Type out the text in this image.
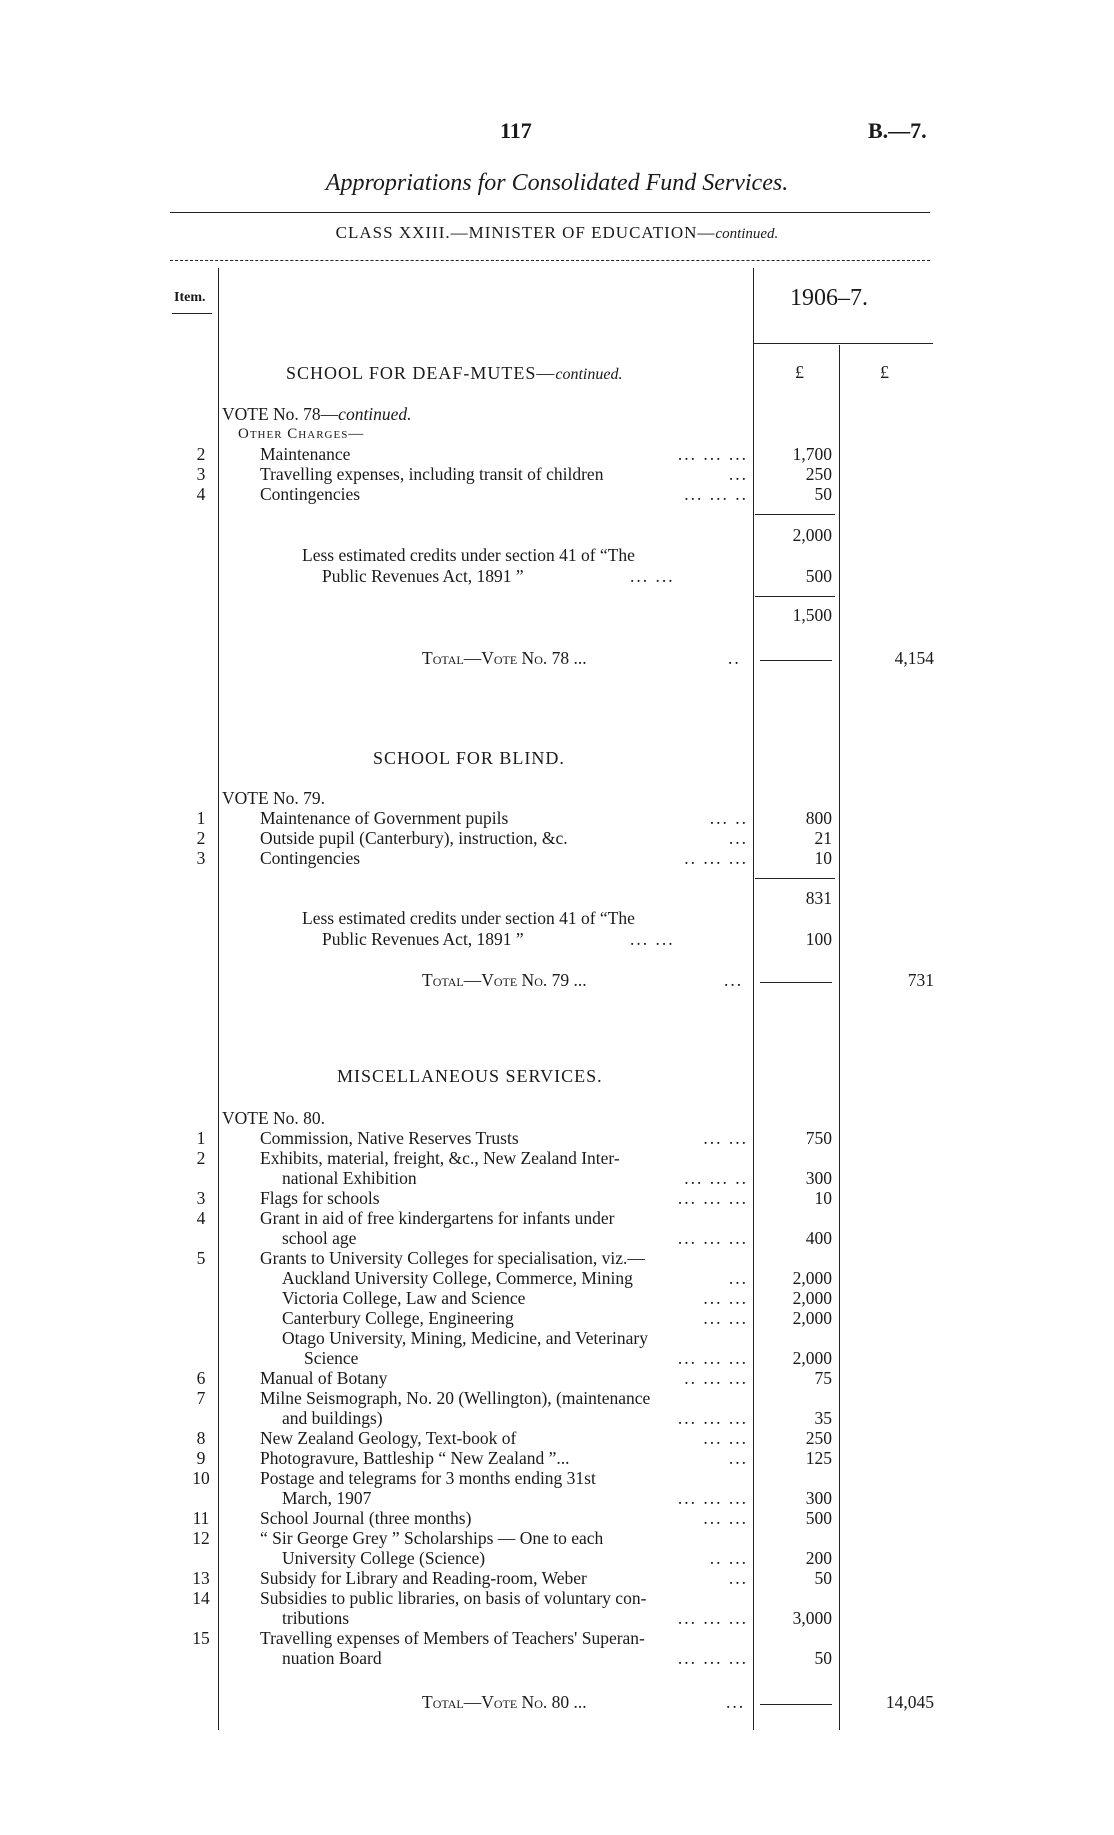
117	B.—7.
Appropriations for Consolidated Fund Services.
CLASS XXIII.—MINISTER OF EDUCATION—continued.
Item.	1906–7.
£	£
SCHOOL FOR DEAF-MUTES—continued.
VOTE No. 78—continued.
Other Charges—
2	Maintenance	... ... ...	1,700
3	Travelling expenses, including transit of children	...	250
4	Contingencies	... ... ..	50
2,000
Less estimated credits under section 41 of “The
Public Revenues Act, 1891 ”	... ...	500
1,500
Total—Vote No. 78 ...	..	4,154
SCHOOL FOR BLIND.
VOTE No. 79.
1	Maintenance of Government pupils	... ..	800
2	Outside pupil (Canterbury), instruction, &c.	...	21
3	Contingencies	.. ... ...	10
831
Less estimated credits under section 41 of “The
Public Revenues Act, 1891 ”	... ...	100
Total—Vote No. 79 ...	...	731
MISCELLANEOUS SERVICES.
VOTE No. 80.
1	Commission, Native Reserves Trusts	... ...	750
2	Exhibits, material, freight, &c., New Zealand Inter-
national Exhibition	... ... ..	300
3	Flags for schools	... ... ...	10
4	Grant in aid of free kindergartens for infants under
school age	... ... ...	400
5	Grants to University Colleges for specialisation, viz.—
Auckland University College, Commerce, Mining	...	2,000
Victoria College, Law and Science	... ...	2,000
Canterbury College, Engineering	... ...	2,000
Otago University, Mining, Medicine, and Veterinary
Science	... ... ...	2,000
6	Manual of Botany	.. ... ...	75
7	Milne Seismograph, No. 20 (Wellington), (maintenance
and buildings)	... ... ...	35
8	New Zealand Geology, Text-book of	... ...	250
9	Photogravure, Battleship “ New Zealand ”...	...	125
10	Postage and telegrams for 3 months ending 31st
March, 1907	... ... ...	300
11	School Journal (three months)	... ...	500
12	“ Sir George Grey ” Scholarships — One to each
University College (Science)	.. ...	200
13	Subsidy for Library and Reading-room, Weber	...	50
14	Subsidies to public libraries, on basis of voluntary con-
tributions	... ... ...	3,000
15	Travelling expenses of Members of Teachers' Superan-
nuation Board	... ... ...	50
Total—Vote No. 80 ...	...	14,045
